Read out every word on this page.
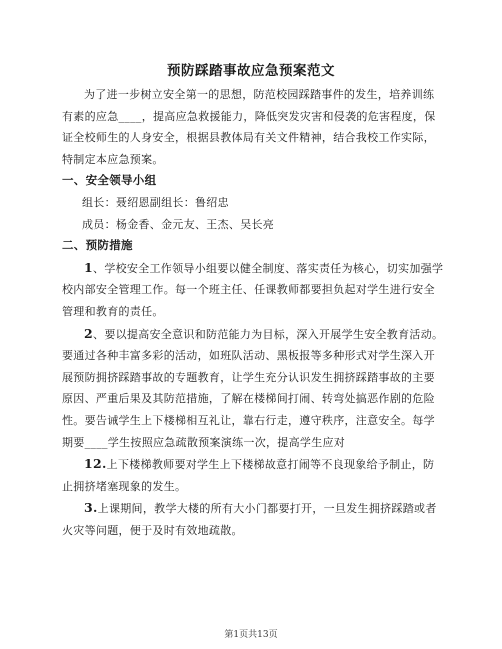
预防踩踏事故应急预案范文

为了进一步树立安全第一的思想，防范校园踩踏事件的发生，培养训练有素的应急____，提高应急救援能力，降低突发灾害和侵袭的危害程度，保证全校师生的人身安全，根据县教体局有关文件精神，结合我校工作实际，特制定本应急预案。

一、安全领导小组

组长：聂绍恩副组长：鲁绍忠

成员：杨金香、金元友、王杰、吴长亮

二、预防措施

1、学校安全工作领导小组要以健全制度、落实责任为核心，切实加强学校内部安全管理工作。每一个班主任、任课教师都要担负起对学生进行安全管理和教育的责任。

2、要以提高安全意识和防范能力为目标，深入开展学生安全教育活动。要通过各种丰富多彩的活动，如班队活动、黑板报等多种形式对学生深入开展预防拥挤踩踏事故的专题教育，让学生充分认识发生拥挤踩踏事故的主要原因、严重后果及其防范措施，了解在楼梯间打闹、转弯处搞恶作剧的危险性。要告诫学生上下楼梯相互礼让，靠右行走，遵守秩序，注意安全。每学期要____学生按照应急疏散预案演练一次，提高学生应对

12.上下楼梯教师要对学生上下楼梯故意打闹等不良现象给予制止，防止拥挤堵塞现象的发生。

3.上课期间，教学大楼的所有大小门都要打开，一旦发生拥挤踩踏或者火灾等问题，便于及时有效地疏散。

第1页共13页
